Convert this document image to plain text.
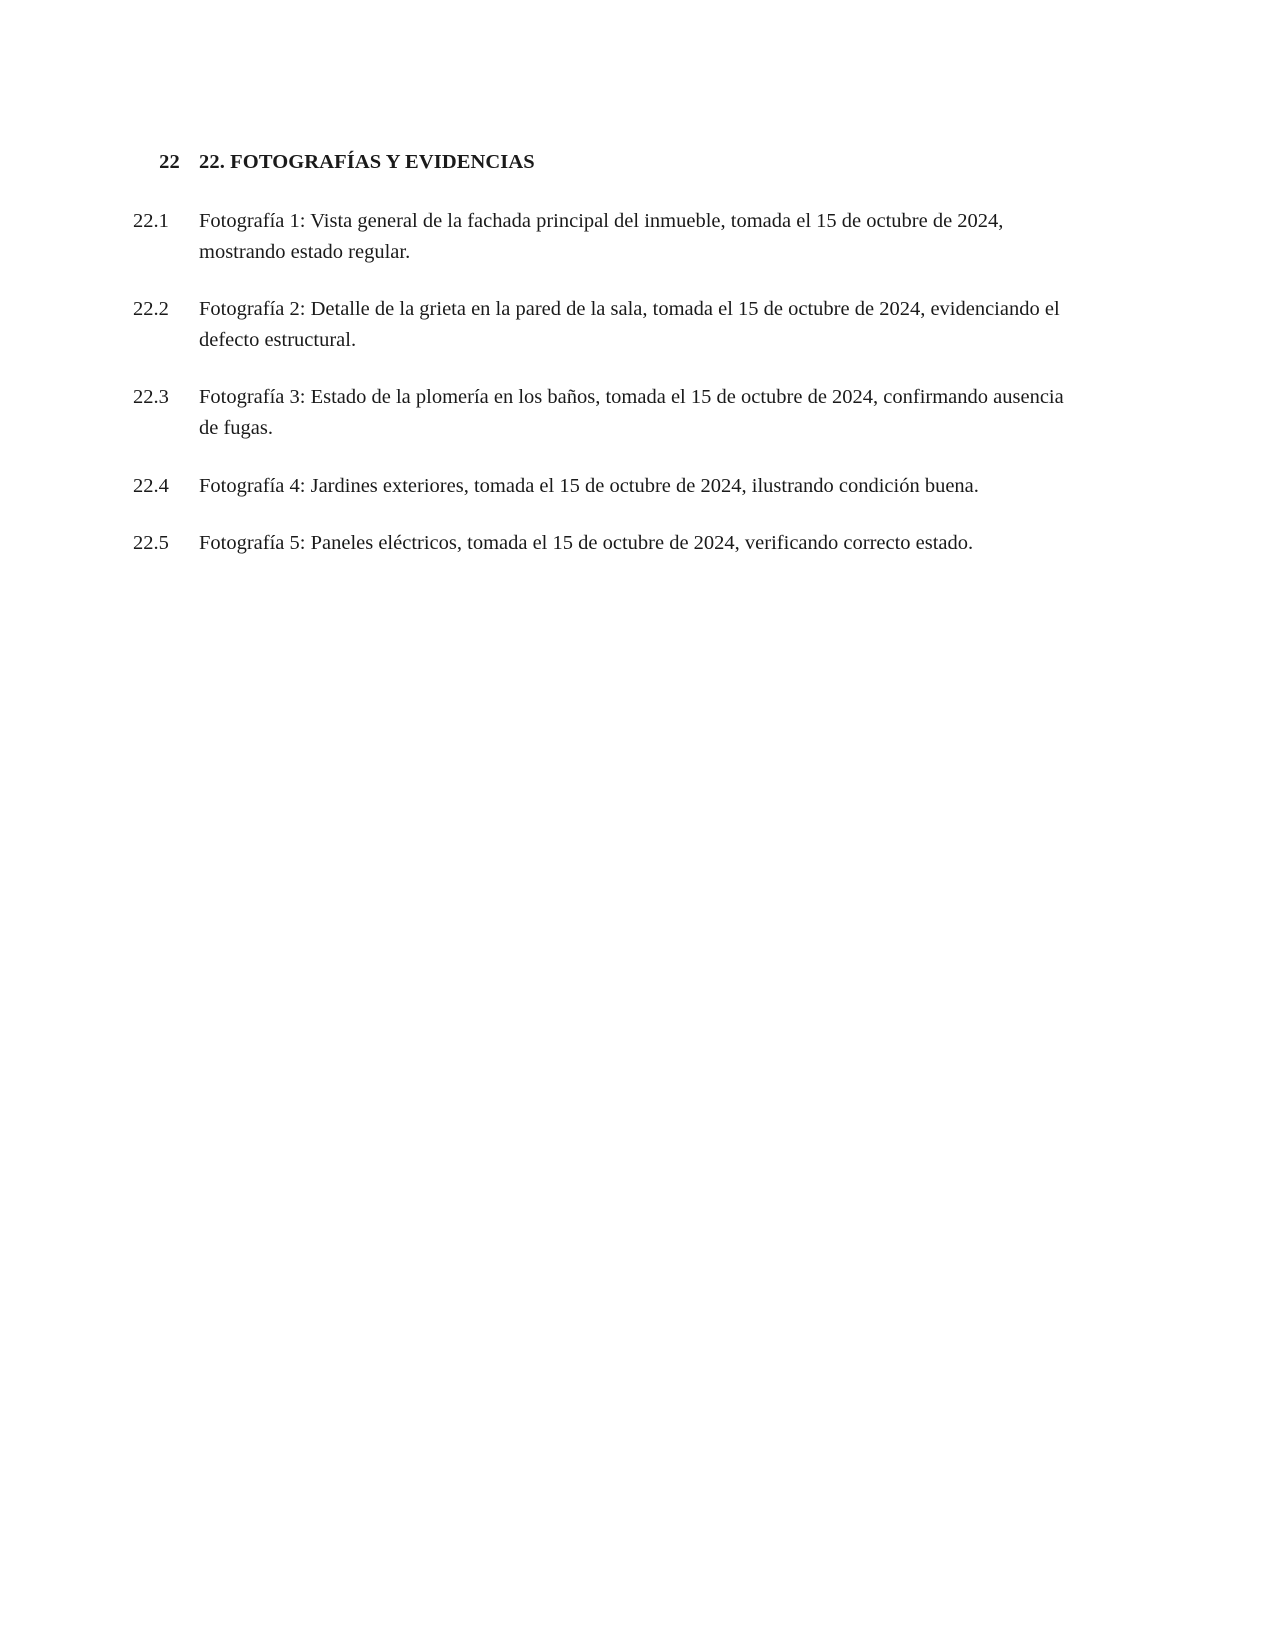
22 22. FOTOGRAFÍAS Y EVIDENCIAS
22.1	Fotografía 1: Vista general de la fachada principal del inmueble, tomada el 15 de octubre de 2024, mostrando estado regular.
22.2	Fotografía 2: Detalle de la grieta en la pared de la sala, tomada el 15 de octubre de 2024, evidenciando el defecto estructural.
22.3	Fotografía 3: Estado de la plomería en los baños, tomada el 15 de octubre de 2024, confirmando ausencia de fugas.
22.4	Fotografía 4: Jardines exteriores, tomada el 15 de octubre de 2024, ilustrando condición buena.
22.5	Fotografía 5: Paneles eléctricos, tomada el 15 de octubre de 2024, verificando correcto estado.
